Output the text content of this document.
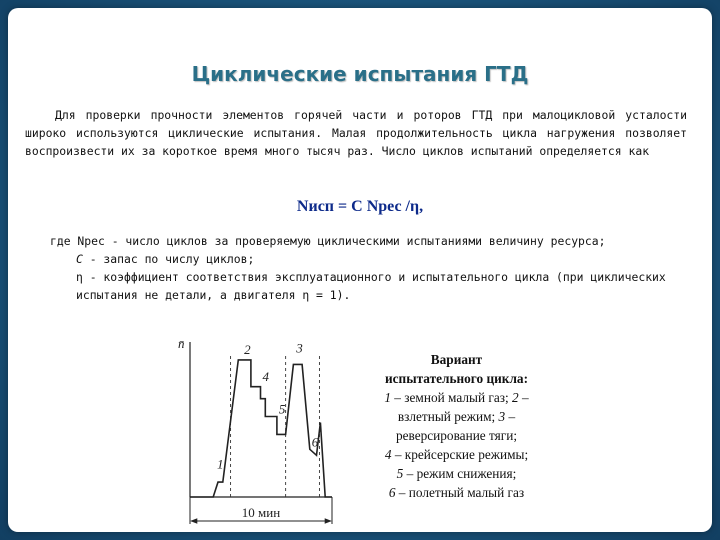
Циклические испытания ГТД
Для проверки прочности элементов горячей части и роторов ГТД при малоцикловой усталости широко используются циклические испытания. Малая продолжительность цикла нагружения позволяет воспроизвести их за короткое время много тысяч раз. Число циклов испытаний определяется как
Nисп = C Nрес /η,
где Nрес - число циклов за проверяемую циклическими испытаниями величину ресурса;
C - запас по числу циклов;
η - коэффициент соответствия эксплуатационного и испытательного цикла (при циклических испытания не детали, а двигателя η = 1).
n̄
1
2	3
4
5
6
10 мин
Вариант
испытательного цикла:
1 – земной малый газ; 2 –
взлетный режим; 3 –
реверсирование тяги;
4 – крейсерские режимы;
5 – режим снижения;
6 – полетный малый газ
